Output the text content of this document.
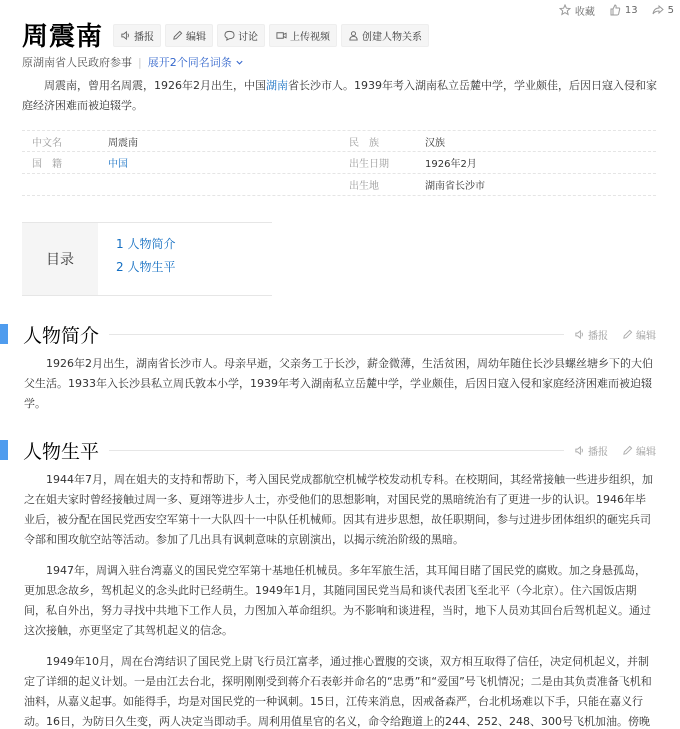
收藏	13	5
周震南	播报	编辑	讨论	上传视频	创建人物关系
原湖南省人民政府参事 | 展开2个同名词条
周震南，曾用名周震，1926年2月出生，中国湖南省长沙市人。1939年考入湖南私立岳麓中学，学业颇佳，后因日寇入侵和家庭经济困难而被迫辍学。
中文名	周震南	民　族	汉族
国　籍	中国	出生日期	1926年2月
出生地	湖南省长沙市
目录
1 人物简介
2 人物生平
人物简介	播报	编辑

1926年2月出生，湖南省长沙市人。母亲早逝，父亲务工于长沙，薪金微薄，生活贫困，周幼年随住长沙县螺丝塘乡下的大伯父生活。1933年入长沙县私立周氏敦本小学，1939年考入湖南私立岳麓中学，学业颇佳，后因日寇入侵和家庭经济困难而被迫辍学。

人物生平	播报	编辑

1944年7月，周在姐夫的支持和帮助下，考入国民党成都航空机械学校发动机专科。在校期间，其经常接触一些进步组织，加之在姐夫家时曾经接触过周一多、夏翊等进步人士，亦受他们的思想影响，对国民党的黑暗统治有了更进一步的认识。1946年毕业后，被分配在国民党西安空军第十一大队四十一中队任机械师。因其有进步思想，故任职期间，参与过进步团体组织的砸宪兵司令部和围攻航空站等活动。参加了几出具有讽刺意味的京剧演出，以揭示统治阶级的黑暗。

1947年，周调入驻台湾嘉义的国民党空军第十基地任机械员。多年军旅生活，其耳闻目睹了国民党的腐败。加之身悬孤岛，更加思念故乡，驾机起义的念头此时已经萌生。1949年1月，其随同国民党当局和谈代表团飞至北平（今北京）。住六国饭店期间，私自外出，努力寻找中共地下工作人员，力图加入革命组织。为不影响和谈进程，当时，地下人员劝其回台后驾机起义。通过这次接触，亦更坚定了其驾机起义的信念。

1949年10月，周在台湾结识了国民党上尉飞行员江富孝，通过推心置腹的交谈，双方相互取得了信任，决定伺机起义，并制定了详细的起义计划。一是由江去台北，探明刚刚受到蒋介石表彰并命名的“忠勇”和“爱国”号飞机情况；二是由其负责准备飞机和油料，从嘉义起事。如能得手，均是对国民党的一种讽刺。15日，江传来消息，因戒备森严，台北机场难以下手，只能在嘉义行动。16日，为防日久生变，两人决定当即动手。周利用值星官的名义，命令给跑道上的244、252、248、300号飞机加油。傍晚
